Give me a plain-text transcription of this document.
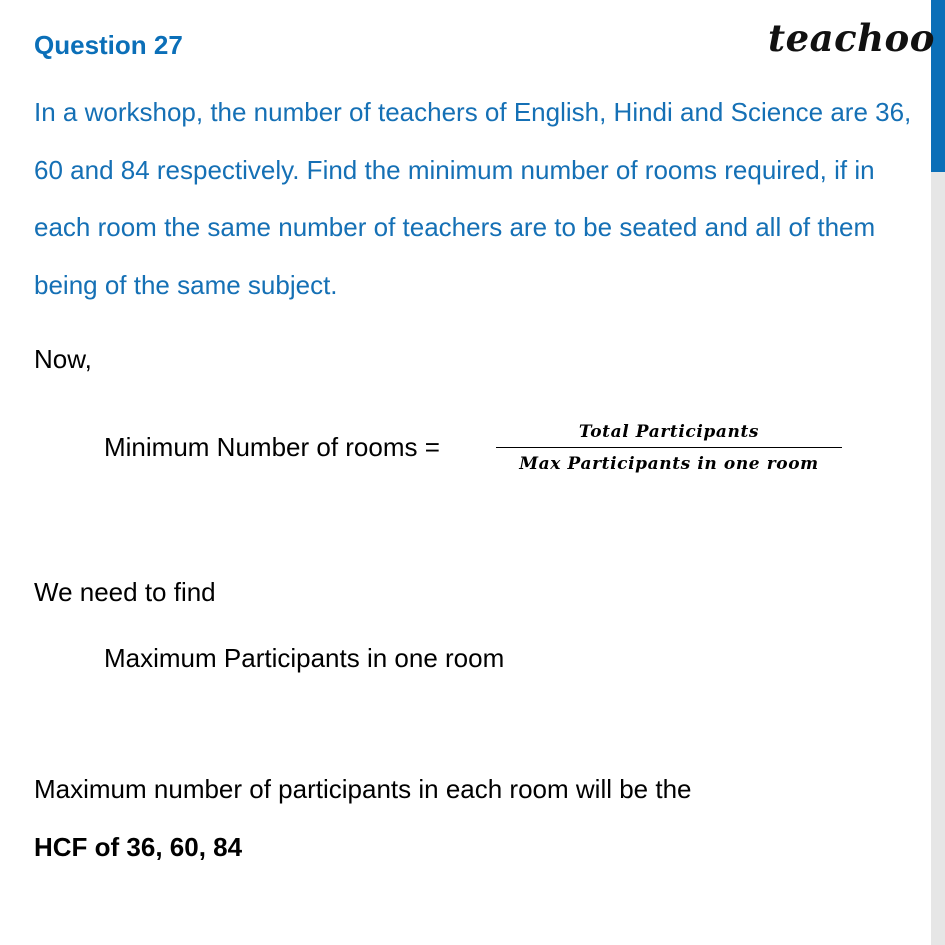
teachoo
Question 27
In a workshop, the number of teachers of English, Hindi and Science are 36, 60 and 84 respectively. Find the minimum number of rooms required, if in each room the same number of teachers are to be seated and all of them being of the same subject.
Now,
Minimum Number of rooms =	Total Participants
Max Participants in one room
We need to find
Maximum Participants in one room
Maximum number of participants in each room will be the
HCF of 36, 60, 84
